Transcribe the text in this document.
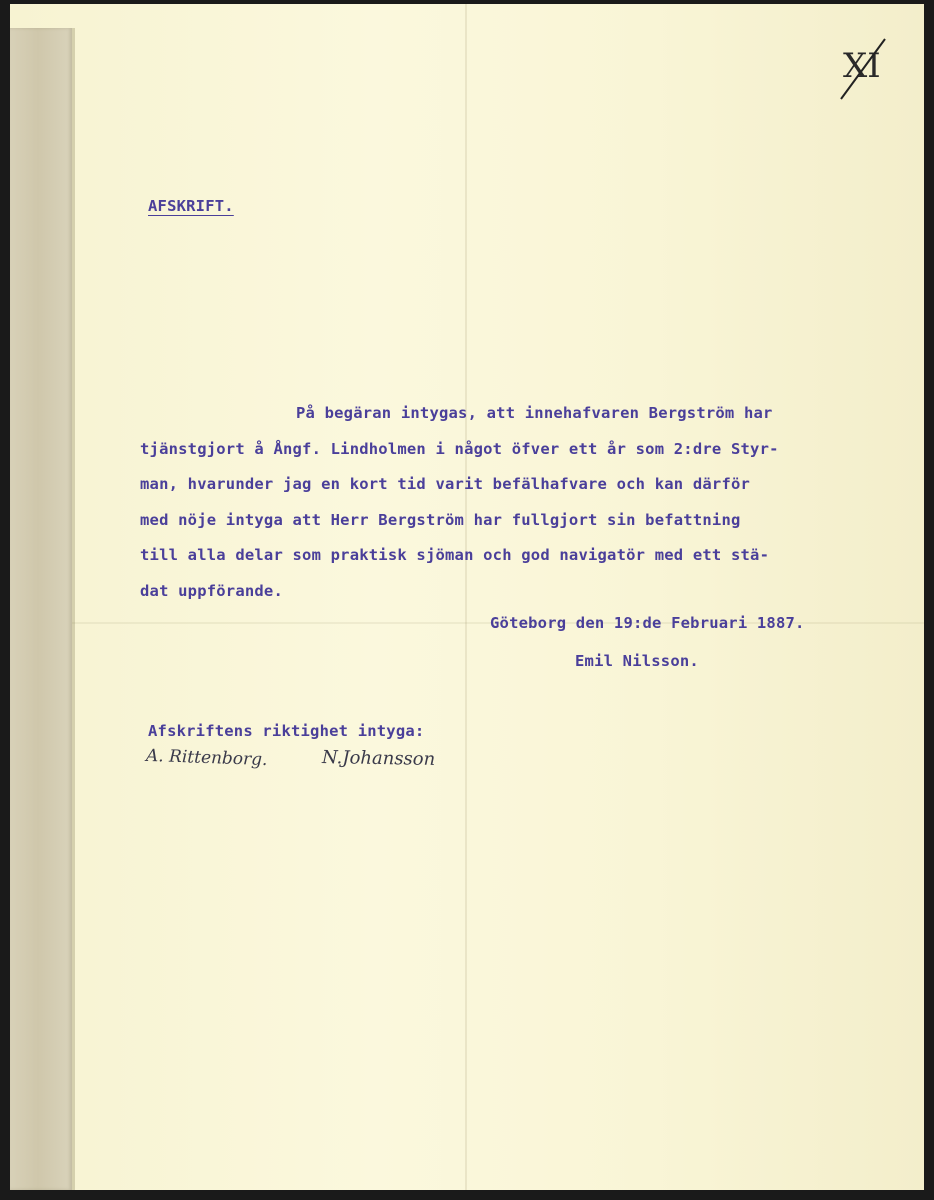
XI

AFSKRIFT.

På begäran intygas, att innehafvaren Bergström har
tjänstgjort å Ångf. Lindholmen i något öfver ett år som 2:dre Styr-
man, hvarunder jag en kort tid varit befälhafvare och kan därför
med nöje intyga att Herr Bergström har fullgjort sin befattning
till alla delar som praktisk sjöman och god navigatör med ett stä-
dat uppförande.

Göteborg den 19:de Februari 1887.

Emil Nilsson.

Afskriftens riktighet intyga:

A. Rittenborg.	N.Johansson
